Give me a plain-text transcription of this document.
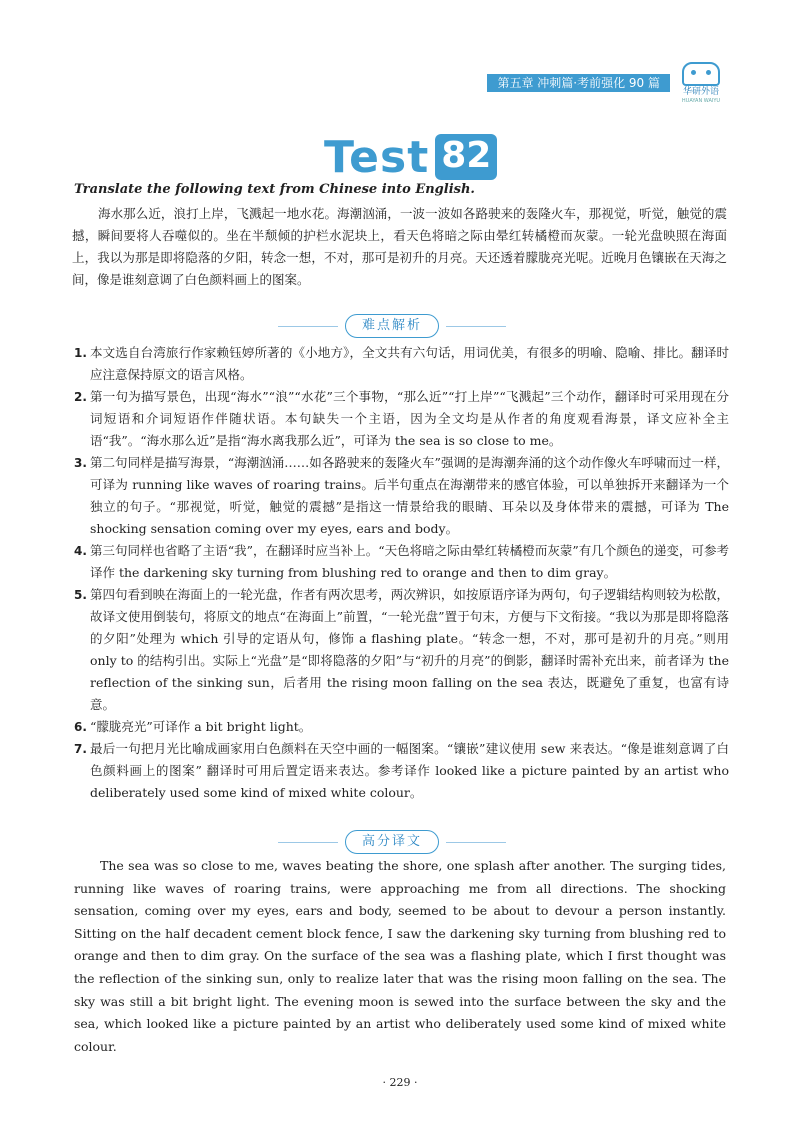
第五章 冲刺篇·考前强化 90 篇
华研外语
HUAYAN WAIYU
Test 82
Translate the following text from Chinese into English.

海水那么近，浪打上岸，飞溅起一地水花。海潮汹涌，一波一波如各路驶来的轰隆火车，那视觉，听觉，触觉的震撼，瞬间要将人吞噬似的。坐在半颓倾的护栏水泥块上，看天色将暗之际由晕红转橘橙而灰蒙。一轮光盘映照在海面上，我以为那是即将隐落的夕阳，转念一想，不对，那可是初升的月亮。天还透着朦胧亮光呢。近晚月色镶嵌在天海之间，像是谁刻意调了白色颜料画上的图案。

难点解析
1. 本文选自台湾旅行作家赖钰婷所著的《小地方》，全文共有六句话，用词优美，有很多的明喻、隐喻、排比。翻译时应注意保持原文的语言风格。
2. 第一句为描写景色，出现“海水”“浪”“水花”三个事物，“那么近”“打上岸”“飞溅起”三个动作，翻译时可采用现在分词短语和介词短语作伴随状语。本句缺失一个主语，因为全文均是从作者的角度观看海景，译文应补全主语“我”。“海水那么近”是指“海水离我那么近”，可译为 the sea is so close to me。
3. 第二句同样是描写海景，“海潮汹涌……如各路驶来的轰隆火车”强调的是海潮奔涌的这个动作像火车呼啸而过一样，可译为 running like waves of roaring trains。后半句重点在海潮带来的感官体验，可以单独拆开来翻译为一个独立的句子。“那视觉，听觉，触觉的震撼”是指这一情景给我的眼睛、耳朵以及身体带来的震撼，可译为 The shocking sensation coming over my eyes, ears and body。
4. 第三句同样也省略了主语“我”，在翻译时应当补上。“天色将暗之际由晕红转橘橙而灰蒙”有几个颜色的递变，可参考译作 the darkening sky turning from blushing red to orange and then to dim gray。
5. 第四句看到映在海面上的一轮光盘，作者有两次思考，两次辨识，如按原语序译为两句，句子逻辑结构则较为松散，故译文使用倒装句，将原文的地点“在海面上”前置，“一轮光盘”置于句末，方便与下文衔接。“我以为那是即将隐落的夕阳”处理为 which 引导的定语从句，修饰 a flashing plate。“转念一想，不对，那可是初升的月亮。”则用 only to 的结构引出。实际上“光盘”是“即将隐落的夕阳”与“初升的月亮”的倒影，翻译时需补充出来，前者译为 the reflection of the sinking sun，后者用 the rising moon falling on the sea 表达，既避免了重复，也富有诗意。
6. “朦胧亮光”可译作 a bit bright light。
7. 最后一句把月光比喻成画家用白色颜料在天空中画的一幅图案。“镶嵌”建议使用 sew 来表达。“像是谁刻意调了白色颜料画上的图案” 翻译时可用后置定语来表达。参考译作 looked like a picture painted by an artist who deliberately used some kind of mixed white colour。
高分译文

The sea was so close to me, waves beating the shore, one splash after another. The surging tides, running like waves of roaring trains, were approaching me from all directions. The shocking sensation, coming over my eyes, ears and body, seemed to be about to devour a person instantly. Sitting on the half decadent cement block fence, I saw the darkening sky turning from blushing red to orange and then to dim gray. On the surface of the sea was a flashing plate, which I first thought was the reflection of the sinking sun, only to realize later that was the rising moon falling on the sea. The sky was still a bit bright light. The evening moon is sewed into the surface between the sky and the sea, which looked like a picture painted by an artist who deliberately used some kind of mixed white colour.

· 229 ·
